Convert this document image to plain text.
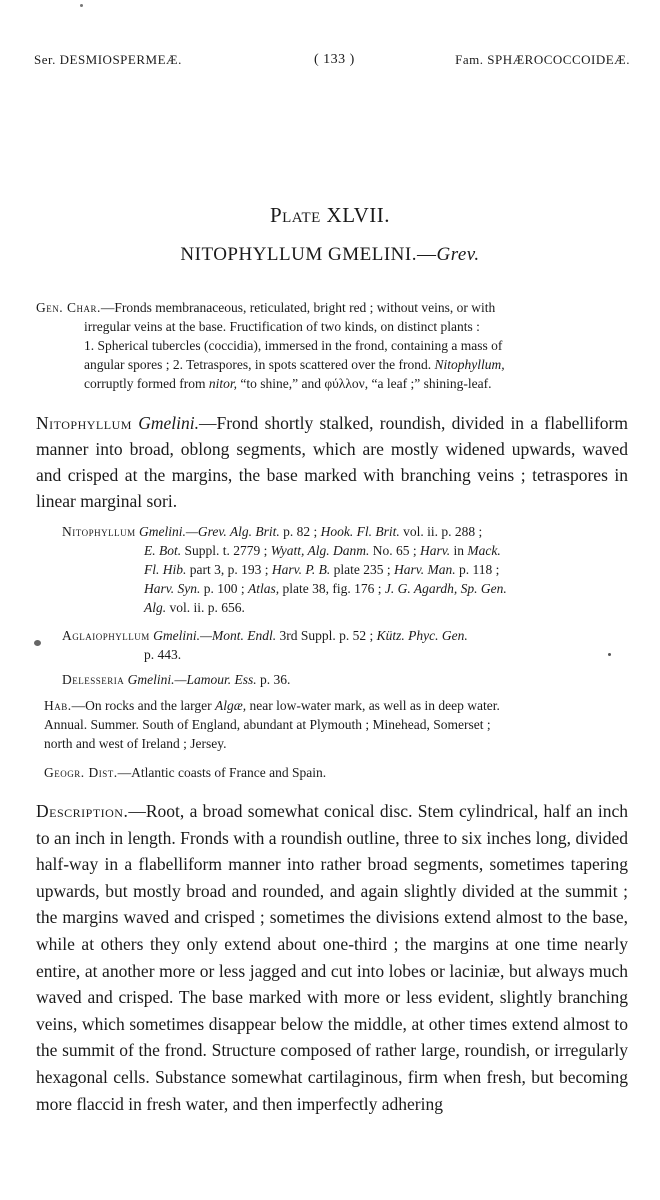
Ser. DESMIOSPERMEÆ.	( 133 )	Fam. SPHÆROCOCCOIDEÆ.
Plate XLVII.
NITOPHYLLUM GMELINI.—Grev.
Gen. Char.—Fronds membranaceous, reticulated, bright red ; without veins, or with
irregular veins at the base. Fructification of two kinds, on distinct plants :
1. Spherical tubercles (coccidia), immersed in the frond, containing a mass of
angular spores ; 2. Tetraspores, in spots scattered over the frond. Nitophyllum,
corruptly formed from nitor, “to shine,” and φύλλον, “a leaf ;” shining-leaf.
Nitophyllum Gmelini.—Frond shortly stalked, roundish, divided in a flabelliform manner into broad, oblong segments, which are mostly widened upwards, waved and crisped at the margins, the base marked with branching veins ; tetraspores in linear marginal sori.
Nitophyllum Gmelini.—Grev. Alg. Brit. p. 82 ; Hook. Fl. Brit. vol. ii. p. 288 ;
E. Bot. Suppl. t. 2779 ; Wyatt, Alg. Danm. No. 65 ; Harv. in Mack.
Fl. Hib. part 3, p. 193 ; Harv. P. B. plate 235 ; Harv. Man. p. 118 ;
Harv. Syn. p. 100 ; Atlas, plate 38, fig. 176 ; J. G. Agardh, Sp. Gen.
Alg. vol. ii. p. 656.
Aglaiophyllum Gmelini.—Mont. Endl. 3rd Suppl. p. 52 ; Kütz. Phyc. Gen.
p. 443.
Delesseria Gmelini.—Lamour. Ess. p. 36.
Hab.—On rocks and the larger Algæ, near low-water mark, as well as in deep water.
Annual. Summer. South of England, abundant at Plymouth ; Minehead, Somerset ;
north and west of Ireland ; Jersey.
Geogr. Dist.—Atlantic coasts of France and Spain.
Description.—Root, a broad somewhat conical disc. Stem cylindrical, half an inch to an inch in length. Fronds with a roundish outline, three to six inches long, divided half-way in a flabelliform manner into rather broad segments, sometimes tapering upwards, but mostly broad and rounded, and again slightly divided at the summit ; the margins waved and crisped ; sometimes the divisions extend almost to the base, while at others they only extend about one-third ; the margins at one time nearly entire, at another more or less jagged and cut into lobes or laciniæ, but always much waved and crisped. The base marked with more or less evident, slightly branching veins, which sometimes disappear below the middle, at other times extend almost to the summit of the frond. Structure composed of rather large, roundish, or irregularly hexagonal cells. Substance somewhat cartilaginous, firm when fresh, but becoming more flaccid in fresh water, and then imperfectly adhering
